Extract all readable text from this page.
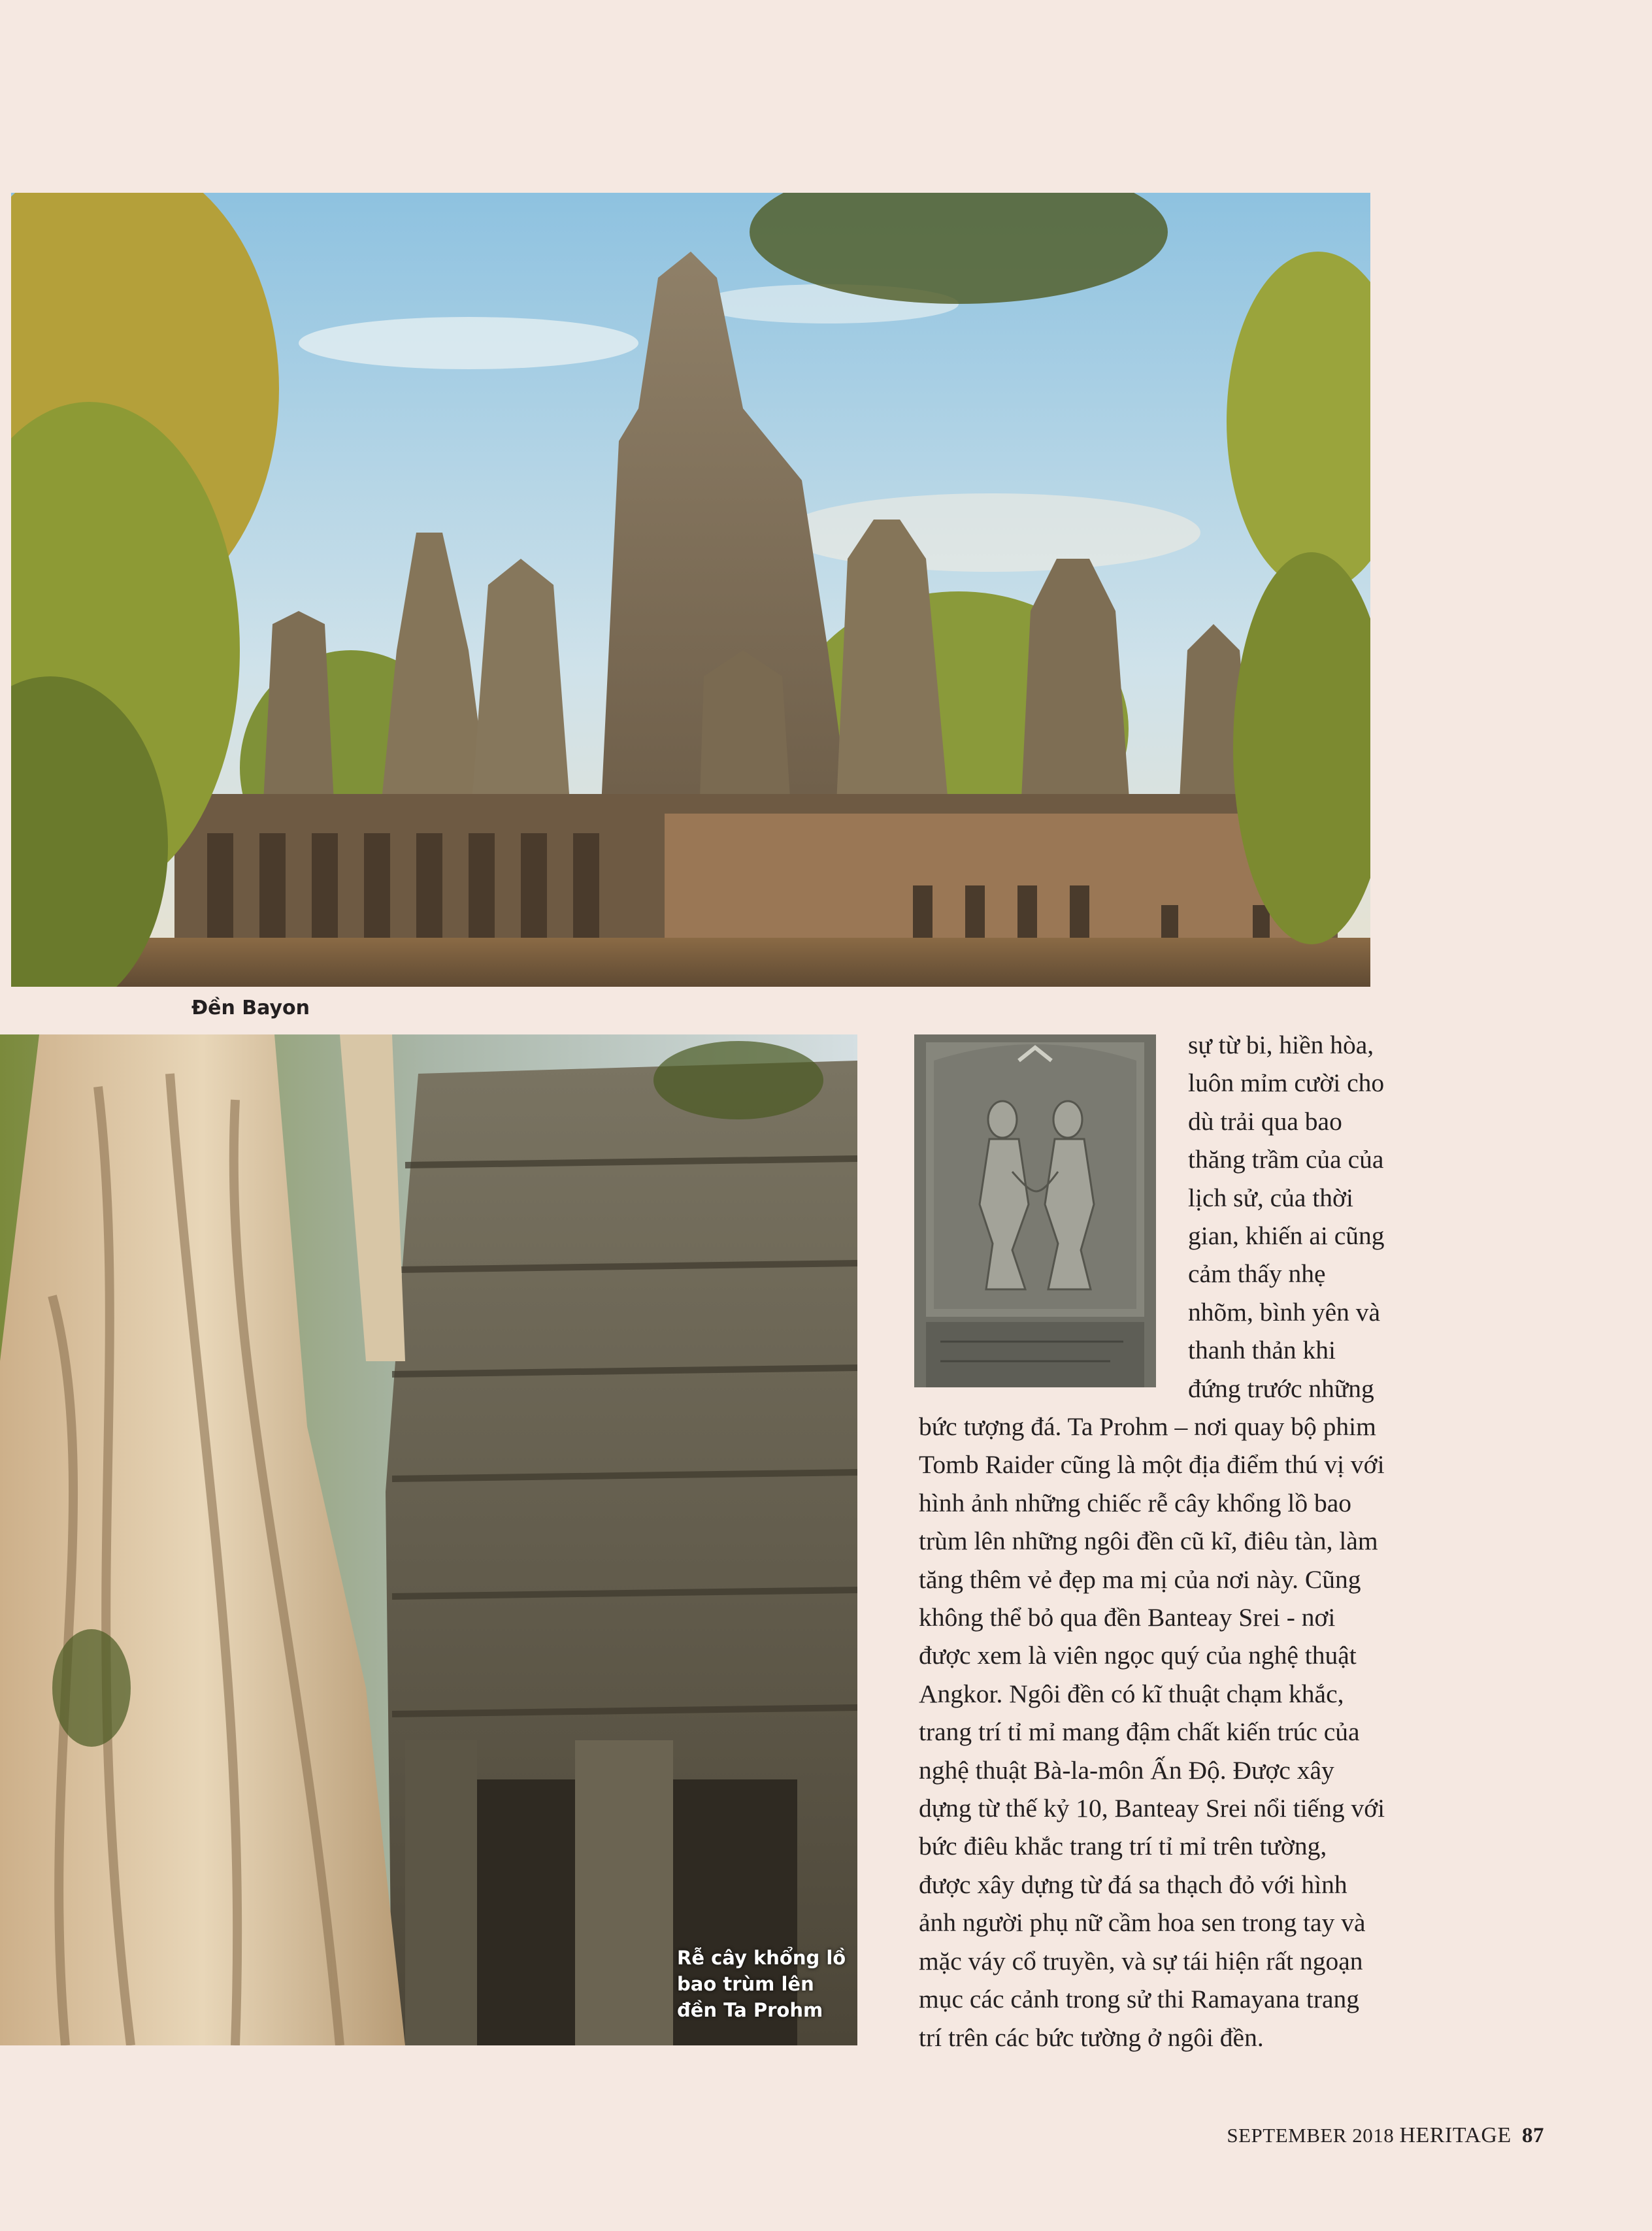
Đền Bayon
Rễ cây khổng lồ bao trùm lên đền Ta Prohm
sự từ bi, hiền hòa,
luôn mỉm cười cho
dù trải qua bao
thăng trầm của của
lịch sử, của thời
gian, khiến ai cũng
cảm thấy nhẹ
nhõm, bình yên và
thanh thản khi
đứng trước những
bức tượng đá. Ta Prohm – nơi quay bộ phim
Tomb Raider cũng là một địa điểm thú vị với
hình ảnh những chiếc rễ cây khổng lồ bao
trùm lên những ngôi đền cũ kĩ, điêu tàn, làm
tăng thêm vẻ đẹp ma mị của nơi này. Cũng
không thể bỏ qua đền Banteay Srei - nơi
được xem là viên ngọc quý của nghệ thuật
Angkor. Ngôi đền có kĩ thuật chạm khắc,
trang trí tỉ mỉ mang đậm chất kiến trúc của
nghệ thuật Bà-la-môn Ấn Độ. Được xây
dựng từ thế kỷ 10, Banteay Srei nổi tiếng với
bức điêu khắc trang trí tỉ mỉ trên tường,
được xây dựng từ đá sa thạch đỏ với hình
ảnh người phụ nữ cầm hoa sen trong tay và
mặc váy cổ truyền, và sự tái hiện rất ngoạn
mục các cảnh trong sử thi Ramayana trang
trí trên các bức tường ở ngôi đền.
SEPTEMBER 2018 HERITAGE 87
